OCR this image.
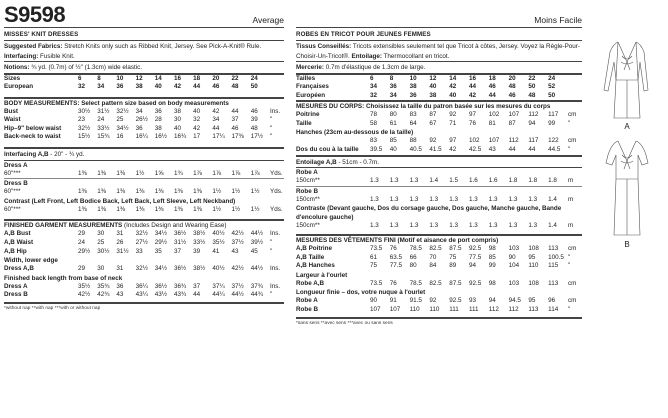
S9598	Average
MISSES' KNIT DRESSES
Suggested Fabrics: Stretch Knits only such as Ribbed Knit, Jersey. See Pick-A-Knit® Rule.
Interfacing: Fusible Knit.
Notions: ¾ yd. (0.7m) of ½" (1.3cm) wide elastic.
Sizes	6	8	10	12	14	16	18	20	22	24	
European	32	34	36	38	40	42	44	46	48	50	
BODY MEASUREMENTS: Select pattern size based on body measurements
Bust	30½	31½	32½	34	36	38	40	42	44	46	Ins.
Waist	23	24	25	26½	28	30	32	34	37	39	"
Hip–9" below waist	32½	33½	34½	36	38	40	42	44	46	48	"
Back-neck to waist	15½	15¾	16	16¼	16½	16¾	17	17¼	17⅜	17½	"
Interfacing A,B - 20" - ¾ yd.
Dress A
60"***	1⅜	1⅜	1⅜	1½	1⅝	1¾	1⅞	1⅞	1⅞	1⅞	Yds.
Dress B
60"***	1⅜	1⅜	1⅜	1⅜	1⅜	1⅜	1⅜	1½	1½	1½	Yds.
Contrast (Left Front, Left Bodice Back, Left Back, Left Sleeve, Left Neckband)
60"***	1⅜	1⅜	1⅜	1⅜	1⅜	1⅜	1⅜	1½	1½	1½	Yds.
FINISHED GARMENT MEASUREMENTS (Includes Design and Wearing Ease)
A,B Bust	29	30	31	32½	34½	36½	38½	40½	42½	44½	Ins.
A,B Waist	24	25	26	27½	29½	31½	33½	35½	37½	39½	"
A,B Hip	29½	30½	31½	33	35	37	39	41	43	45	"
Width, lower edge
Dress A,B	29	30	31	32½	34½	36½	38½	40½	42½	44½	Ins.
Finished back length from base of neck
Dress A	35½	35¾	36	36¼	36½	36¾	37	37¼	37½	37¾	Ins.
Dress B	42½	42¾	43	43¼	43½	43¾	44	44¼	44½	44¾	"
*without nap **with nap ***with or without nap
Moins Facile
ROBES EN TRICOT POUR JEUNES FEMMES
Tissus Conseillés: Tricots extensibles seulement tel que Tricot à côtes, Jersey. Voyez la Règle-Pour-Choisir-Un-Tricot®. Entoilage: Thermocollant en tricot.
Mercerie: 0.7m d'élastique de 1.3cm de large.
Tailles	6	8	10	12	14	16	18	20	22	24	
Françaises	34	36	38	40	42	44	46	48	50	52	
Européen	32	34	36	38	40	42	44	46	48	50	
MESURES DU CORPS: Choisissez la taille du patron basée sur les mesures du corps
Poitrine	78	80	83	87	92	97	102	107	112	117	cm
Taille	58	61	64	67	71	76	81	87	94	99	"
Hanches (23cm au-dessous de la taille)
	83	85	88	92	97	102	107	112	117	122	cm
Dos du cou à la taille	39.5	40	40.5	41.5	42	42.5	43	44	44	44.5	"
Entoilage A,B - 51cm - 0.7m.
Robe A
150cm**	1.3	1.3	1.3	1.4	1.5	1.6	1.6	1.8	1.8	1.8	m
Robe B
150cm**	1.3	1.3	1.3	1.3	1.3	1.3	1.3	1.3	1.3	1.4	m
Contraste (Devant gauche, Dos du corsage gauche, Dos gauche, Manche gauche, Bande d'encolure gauche)
150cm**	1.3	1.3	1.3	1.3	1.3	1.3	1.3	1.3	1.3	1.4	m
MESURES DES VÊTEMENTS FINI (Motif et aisance de port compris)
A,B Poitrine	73.5	76	78.5	82.5	87.5	92.5	98	103	108	113	cm
A,B Taille	61	63.5	66	70	75	77.5	85	90	95	100.5	"
A,B Hanches	75	77.5	80	84	89	94	99	104	110	115	"
Largeur à l'ourlet
Robe A,B	73.5	76	78.5	82.5	87.5	92.5	98	103	108	113	cm
Longueur finie – dos, votre nuque à l'ourlet
Robe A	90	91	91.5	92	92.5	93	94	94.5	95	96	cm
Robe B	107	107	110	110	111	111	112	112	113	114	"
*sans sens **avec sens ***avec ou sans sens
A
B
